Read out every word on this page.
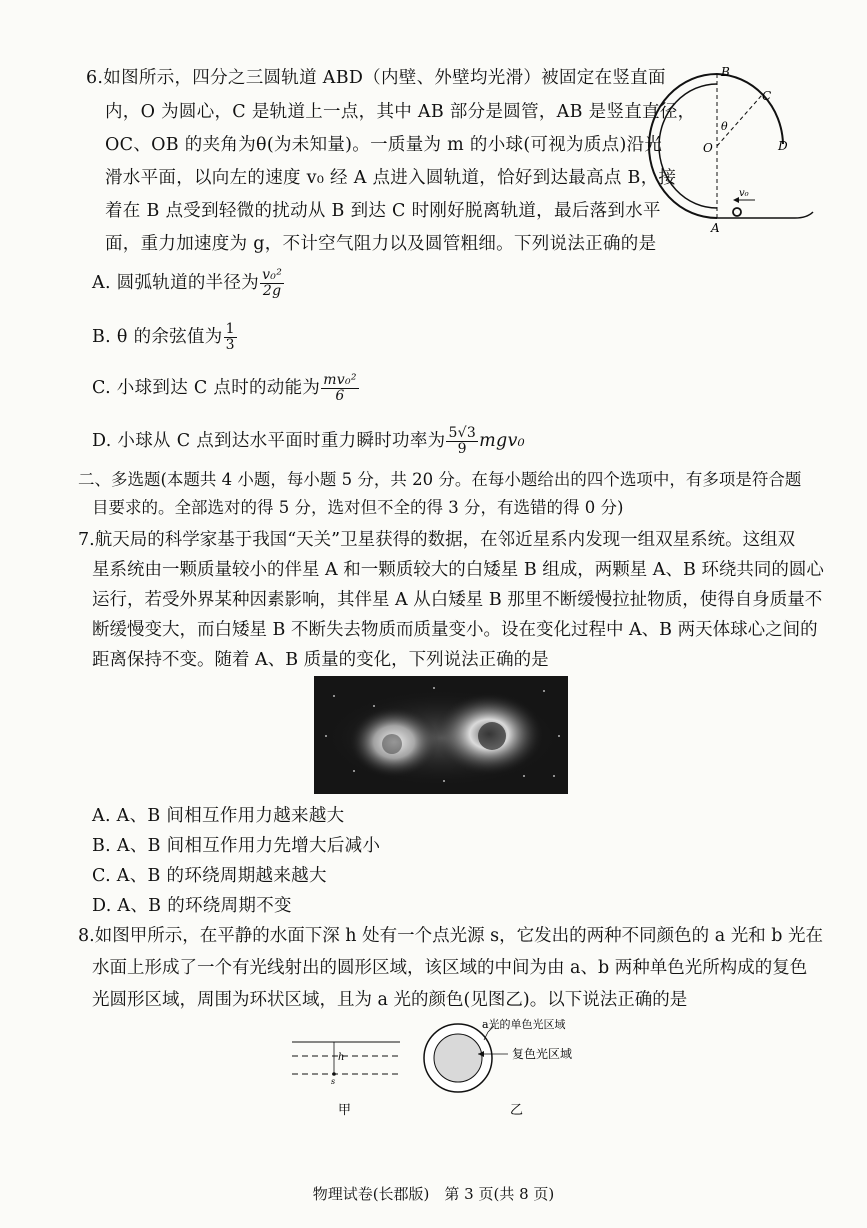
6.如图所示，四分之三圆轨道 ABD（内壁、外壁均光滑）被固定在竖直面
内，O 为圆心，C 是轨道上一点，其中 AB 部分是圆管，AB 是竖直直径，
OC、OB 的夹角为θ(为未知量)。一质量为 m 的小球(可视为质点)沿光
滑水平面，以向左的速度 v₀ 经 A 点进入圆轨道，恰好到达最高点 B，接
着在 B 点受到轻微的扰动从 B 到达 C 时刚好脱离轨道，最后落到水平
面，重力加速度为 g，不计空气阻力以及圆管粗细。下列说法正确的是
B
C
θ
O	D
v₀
A
A. 圆弧轨道的半径为 $\frac{\text{v₀²}}{2g}$
B. θ 的余弦值为 $\frac{1}{3}$
C. 小球到达 C 点时的动能为 $\frac{\text{mv₀²}}{6}$
D. 小球从 C 点到达水平面时重力瞬时功率为 $\frac{5√3}{9} mgv_0$
二、多选题(本题共 4 小题，每小题 5 分，共 20 分。在每小题给出的四个选项中，有多项是符合题
目要求的。全部选对的得 5 分，选对但不全的得 3 分，有选错的得 0 分)
7.航天局的科学家基于我国“天关”卫星获得的数据，在邻近星系内发现一组双星系统。这组双
星系统由一颗质量较小的伴星 A 和一颗质较大的白矮星 B 组成，两颗星 A、B 环绕共同的圆心
运行，若受外界某种因素影响，其伴星 A 从白矮星 B 那里不断缓慢拉扯物质，使得自身质量不
断缓慢变大，而白矮星 B 不断失去物质而质量变小。设在变化过程中 A、B 两天体球心之间的
距离保持不变。随着 A、B 质量的变化，下列说法正确的是
A. A、B 间相互作用力越来越大
B. A、B 间相互作用力先增大后减小
C. A、B 的环绕周期越来越大
D. A、B 的环绕周期不变
8.如图甲所示，在平静的水面下深 h 处有一个点光源 s，它发出的两种不同颜色的 a 光和 b 光在
水面上形成了一个有光线射出的圆形区域，该区域的中间为由 a、b 两种单色光所构成的复色
光圆形区域，周围为环状区域，且为 a 光的颜色(见图乙)。以下说法正确的是
h
s
甲
a光的单色光区域
复色光区域
乙
物理试卷(长郡版)　第 3 页(共 8 页)
